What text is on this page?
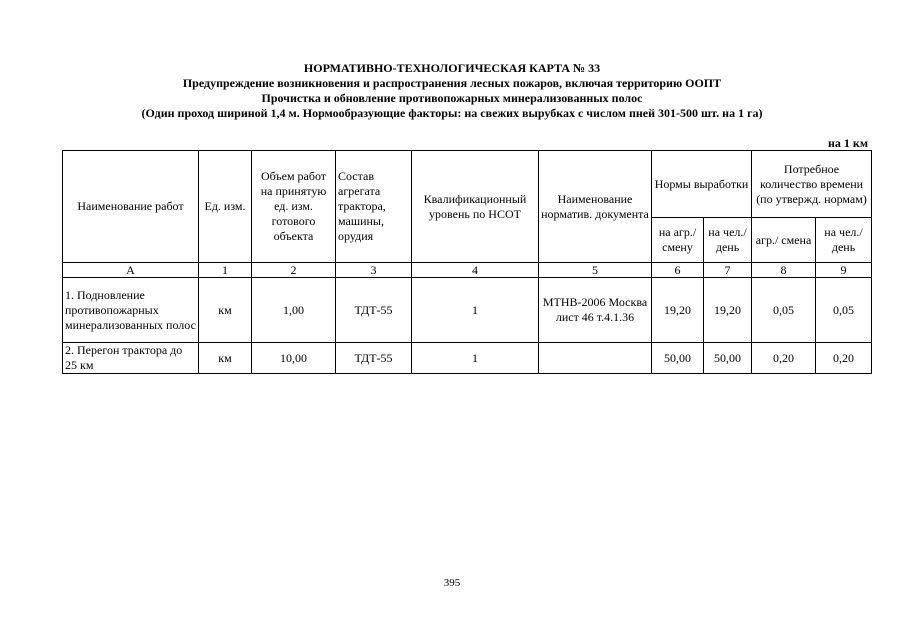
НОРМАТИВНО-ТЕХНОЛОГИЧЕСКАЯ КАРТА № 33
Предупреждение возникновения и распространения лесных пожаров, включая территорию ООПТ
Прочистка и обновление противопожарных минерализованных полос
(Один проход шириной 1,4 м. Нормообразующие факторы: на свежих вырубках с числом пней 301-500 шт. на 1 га)
на 1 км
Наименование работ	Ед. изм.	Объем работ на принятую ед. изм. готового объекта	Состав агрегата трактора, машины, орудия	Квалификационный уровень по НСОТ	Наименование норматив. документа	Нормы выработки		Потребное количество времени (по утвержд. нормам)	
						на агр./ смену	на чел./ день	агр./ смена	на чел./ день
А	1	2	3	4	5	6	7	8	9
1. Подновление противопожарных минерализованных полос	км	1,00	ТДТ-55	1	МТНВ-2006 Москва лист 46 т.4.1.36	19,20	19,20	0,05	0,05
2. Перегон трактора до 25 км	км	10,00	ТДТ-55	1		50,00	50,00	0,20	0,20
395
